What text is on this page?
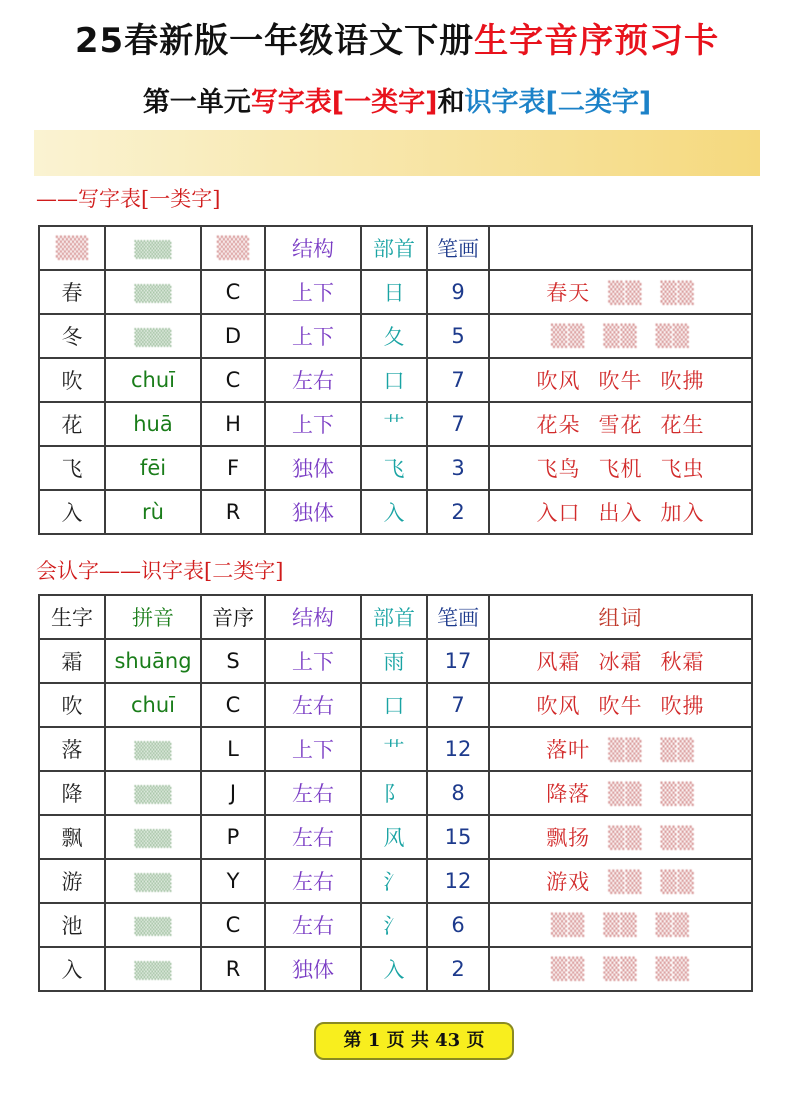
25春新版一年级语文下册生字音序预习卡
第一单元写字表[一类字]和识字表[二类字]
——写字表[一类字]
▒▒	▒▒▒	▒▒	结构	部首	笔画	
春	▒▒▒	C	上下	日	9	春天 ▒▒ ▒▒
冬	▒▒▒	D	上下	夂	5	▒▒ ▒▒ ▒▒
吹	chuī	C	左右	口	7	吹风 吹牛 吹拂
花	huā	H	上下	艹	7	花朵 雪花 花生
飞	fēi	F	独体	飞	3	飞鸟 飞机 飞虫
入	rù	R	独体	入	2	入口 出入 加入
会认字——识字表[二类字]
生字	拼音	音序	结构	部首	笔画	组词
霜	shuāng	S	上下	雨	17	风霜 冰霜 秋霜
吹	chuī	C	左右	口	7	吹风 吹牛 吹拂
落	▒▒▒	L	上下	艹	12	落叶 ▒▒ ▒▒
降	▒▒▒	J	左右	阝	8	降落 ▒▒ ▒▒
飘	▒▒▒	P	左右	风	15	飘扬 ▒▒ ▒▒
游	▒▒▒	Y	左右	氵	12	游戏 ▒▒ ▒▒
池	▒▒▒	C	左右	氵	6	▒▒ ▒▒ ▒▒
入	▒▒▒	R	独体	入	2	▒▒ ▒▒ ▒▒
第 1 页 共 43 页
